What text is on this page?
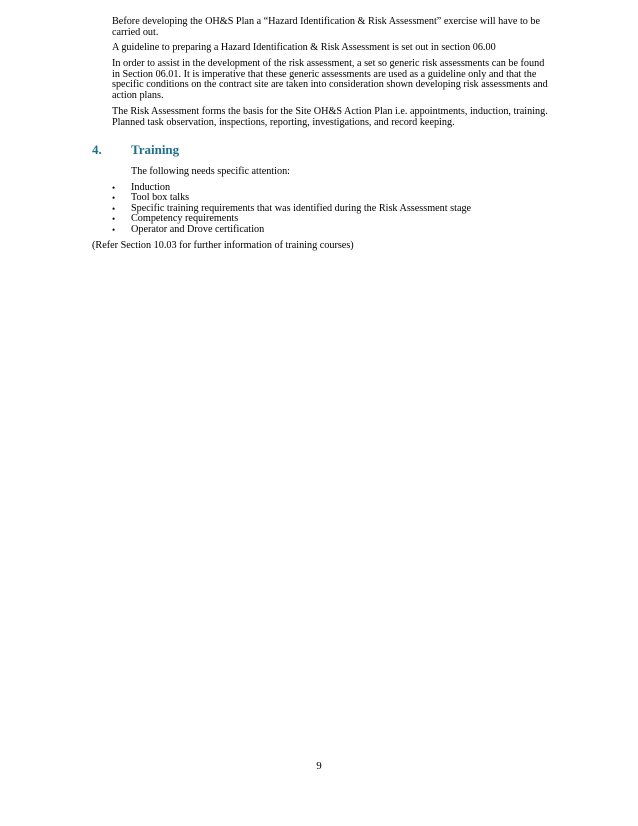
Before developing the OH&S Plan a “Hazard Identification & Risk Assessment” exercise will have to be carried out.

A guideline to preparing a Hazard Identification & Risk Assessment is set out in section 06.00

In order to assist in the development of the risk assessment, a set so generic risk assessments can be found in Section 06.01. It is imperative that these generic assessments are used as a guideline only and that the specific conditions on the contract site are taken into consideration shown developing risk assessments and action plans.

The Risk Assessment forms the basis for the Site OH&S Action Plan i.e. appointments, induction, training. Planned task observation, inspections, reporting, investigations, and record keeping.

4. Training

The following needs specific attention:

• Induction
• Tool box talks
• Specific training requirements that was identified during the Risk Assessment stage
• Competency requirements
• Operator and Drove certification

(Refer Section 10.03 for further information of training courses)

9
